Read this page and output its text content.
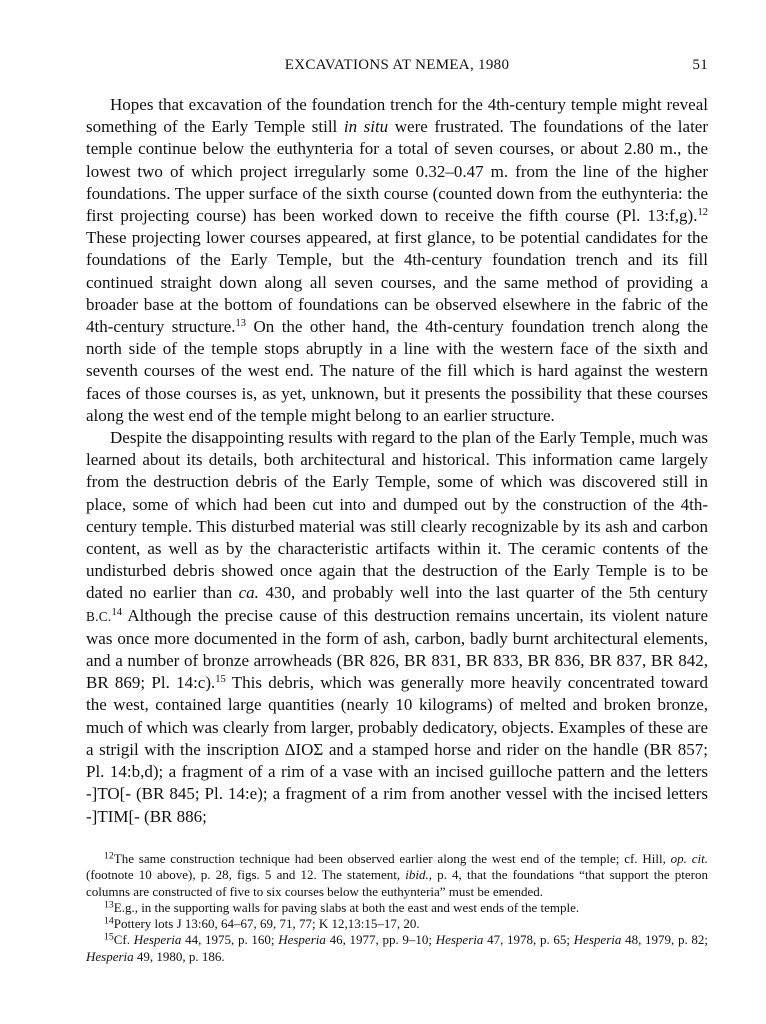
EXCAVATIONS AT NEMEA, 1980	51

Hopes that excavation of the foundation trench for the 4th-century temple might reveal something of the Early Temple still in situ were frustrated. The foundations of the later temple continue below the euthynteria for a total of seven courses, or about 2.80 m., the lowest two of which project irregularly some 0.32–0.47 m. from the line of the higher foundations. The upper surface of the sixth course (counted down from the euthynteria: the first projecting course) has been worked down to receive the fifth course (Pl. 13:f,g).$^{12}$ These projecting lower courses appeared, at first glance, to be potential candidates for the foundations of the Early Temple, but the 4th-century foundation trench and its fill continued straight down along all seven courses, and the same method of providing a broader base at the bottom of foundations can be observed elsewhere in the fabric of the 4th-century structure.$^{13}$ On the other hand, the 4th-century foundation trench along the north side of the temple stops abruptly in a line with the western face of the sixth and seventh courses of the west end. The nature of the fill which is hard against the western faces of those courses is, as yet, unknown, but it presents the possibility that these courses along the west end of the temple might belong to an earlier structure.

Despite the disappointing results with regard to the plan of the Early Temple, much was learned about its details, both architectural and historical. This information came largely from the destruction debris of the Early Temple, some of which was discovered still in place, some of which had been cut into and dumped out by the construction of the 4th-century temple. This disturbed material was still clearly recognizable by its ash and carbon content, as well as by the characteristic artifacts within it. The ceramic contents of the undisturbed debris showed once again that the destruction of the Early Temple is to be dated no earlier than ca. 430, and probably well into the last quarter of the 5th century B.C.$^{14}$ Although the precise cause of this destruction remains uncertain, its violent nature was once more documented in the form of ash, carbon, badly burnt architectural elements, and a number of bronze arrowheads (BR 826, BR 831, BR 833, BR 836, BR 837, BR 842, BR 869; Pl. 14:c).$^{15}$ This debris, which was generally more heavily concentrated toward the west, contained large quantities (nearly 10 kilograms) of melted and broken bronze, much of which was clearly from larger, probably dedicatory, objects. Examples of these are a strigil with the inscription ΔΙΟΣ and a stamped horse and rider on the handle (BR 857; Pl. 14:b,d); a fragment of a rim of a vase with an incised guilloche pattern and the letters -]TO[- (BR 845; Pl. 14:e); a fragment of a rim from another vessel with the incised letters -]TIM[- (BR 886;

$^{12}$The same construction technique had been observed earlier along the west end of the temple; cf. Hill, op. cit. (footnote 10 above), p. 28, figs. 5 and 12. The statement, ibid., p. 4, that the foundations “that support the pteron columns are constructed of five to six courses below the euthynteria” must be emended.

$^{13}$E.g., in the supporting walls for paving slabs at both the east and west ends of the temple.

$^{14}$Pottery lots J 13:60, 64–67, 69, 71, 77; K 12,13:15–17, 20.

$^{15}$Cf. Hesperia 44, 1975, p. 160; Hesperia 46, 1977, pp. 9–10; Hesperia 47, 1978, p. 65; Hesperia 48, 1979, p. 82; Hesperia 49, 1980, p. 186.
